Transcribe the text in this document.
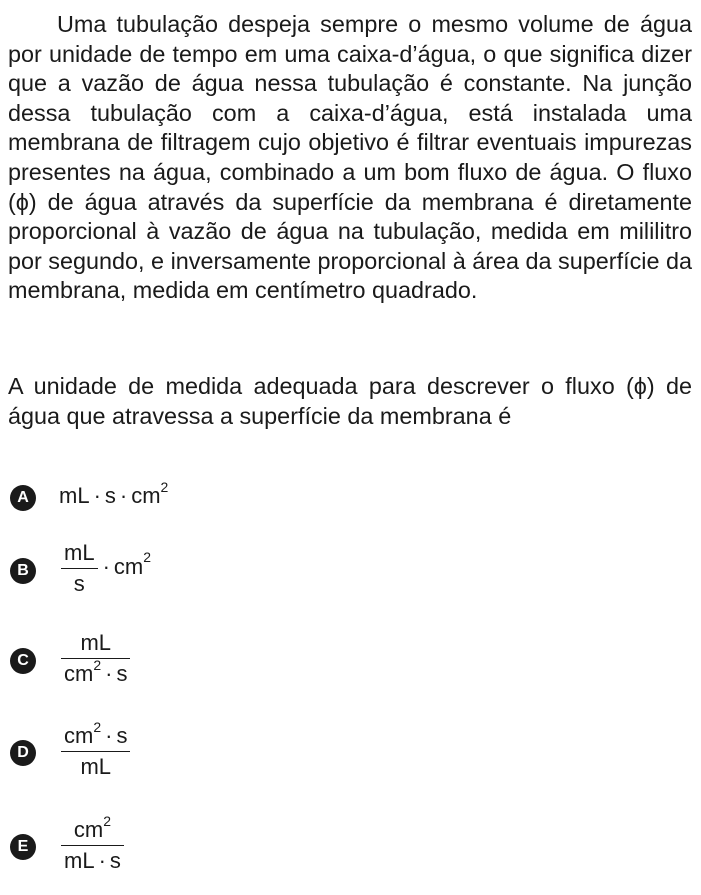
Uma tubulação despeja sempre o mesmo volume de água por unidade de tempo em uma caixa-d’água, o que significa dizer que a vazão de água nessa tubulação é constante. Na junção dessa tubulação com a caixa-d’água, está instalada uma membrana de filtragem cujo objetivo é filtrar eventuais impurezas presentes na água, combinado a um bom fluxo de água. O fluxo (ϕ) de água através da superfície da membrana é diretamente proporcional à vazão de água na tubulação, medida em mililitro por segundo, e inversamente proporcional à área da superfície da membrana, medida em centímetro quadrado.

A unidade de medida adequada para descrever o fluxo (ϕ) de água que atravessa a superfície da membrana é

A	mL · $s \cdot cm^2$
B	$\frac{mL}{s} \cdot cm^2$
C	$\frac{mL}{cm^2 \cdot s}$
D	$\frac{cm^2 \cdot s}{mL}$
E	$\frac{cm^2}{mL \cdot s}$
